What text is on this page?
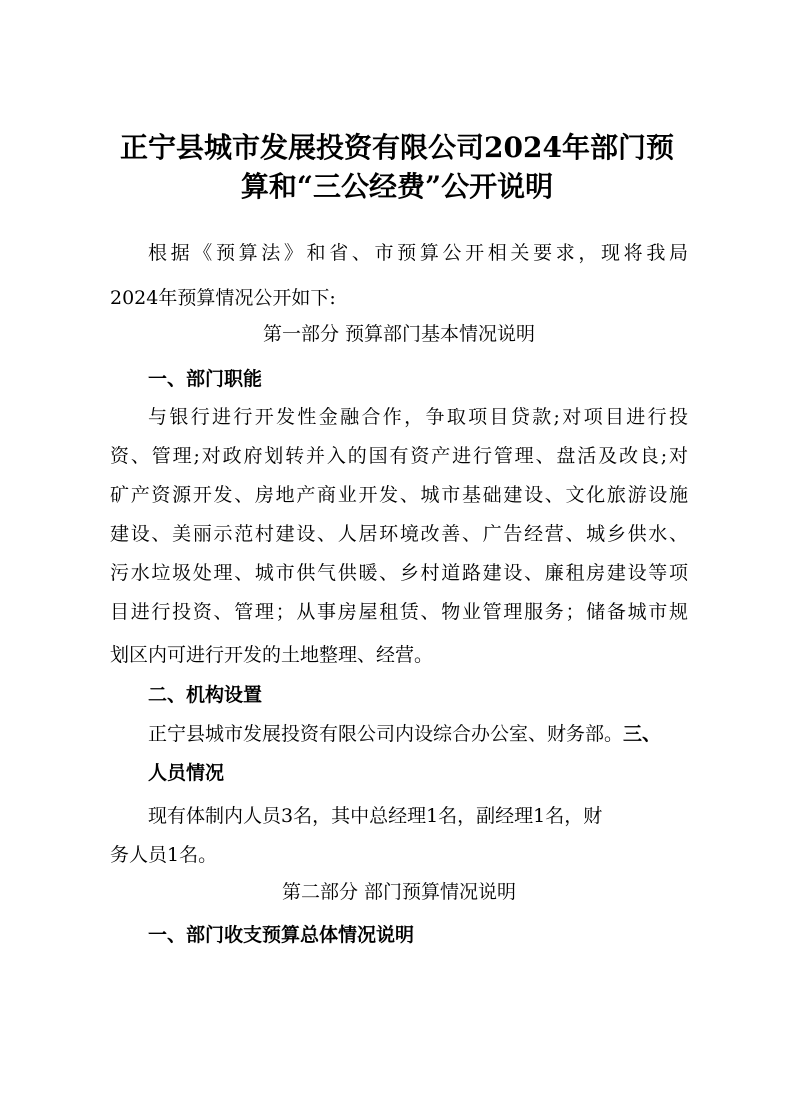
正宁县城市发展投资有限公司2024年部门预
算和“三公经费”公开说明
根据《预算法》和省、市预算公开相关要求，现将我局
2024年预算情况公开如下:
第一部分 预算部门基本情况说明
一、部门职能
与银行进行开发性金融合作，争取项目贷款;对项目进行投
资、管理;对政府划转并入的国有资产进行管理、盘活及改良;对
矿产资源开发、房地产商业开发、城市基础建设、文化旅游设施
建设、美丽示范村建设、人居环境改善、广告经营、城乡供水、
污水垃圾处理、城市供气供暖、乡村道路建设、廉租房建设等项
目进行投资、管理；从事房屋租赁、物业管理服务；储备城市规
划区内可进行开发的土地整理、经营。
二、机构设置
正宁县城市发展投资有限公司内设综合办公室、财务部。三、
人员情况
现有体制内人员3名，其中总经理1名，副经理1名，财
务人员1名。
第二部分 部门预算情况说明
一、部门收支预算总体情况说明
